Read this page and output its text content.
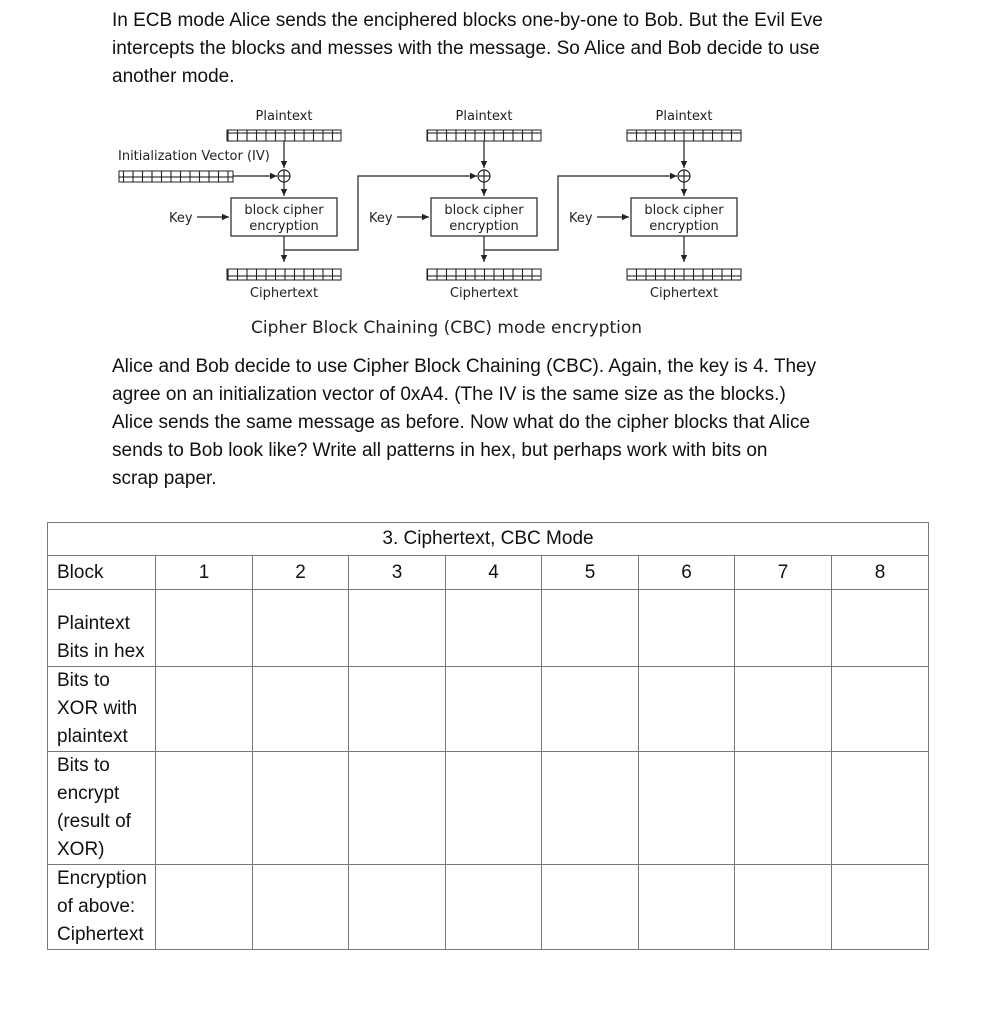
In ECB mode Alice sends the enciphered blocks one-by-one to Bob. But the Evil Eve
intercepts the blocks and messes with the message. So Alice and Bob decide to use
another mode.
Initialization Vector (IV)
Plaintext
Key
block cipher
encryption
Ciphertext
Plaintext
Key
block cipher
encryption
Ciphertext
Plaintext
Key
block cipher
encryption
Ciphertext
Cipher Block Chaining (CBC) mode encryption
Alice and Bob decide to use Cipher Block Chaining (CBC). Again, the key is 4. They
agree on an initialization vector of 0xA4. (The IV is the same size as the blocks.)
Alice sends the same message as before. Now what do the cipher blocks that Alice
sends to Bob look like? Write all patterns in hex, but perhaps work with bits on
scrap paper.
3. Ciphertext, CBC Mode								
Block	1	2	3	4	5	6	7	8

Plaintext
Bits in hex								

Bits to
XOR with
plaintext								

Bits to
encrypt
(result of
XOR)								

Encryption
of above:
Ciphertext								
